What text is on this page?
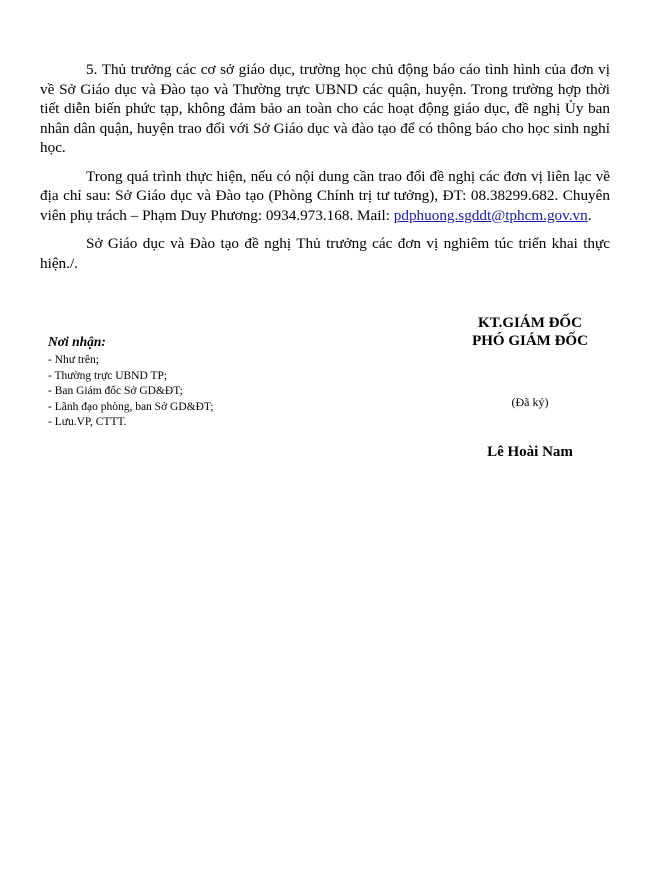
5. Thủ trưởng các cơ sở giáo dục, trường học chủ động báo cáo tình hình của đơn vị về Sở Giáo dục và Đào tạo và Thường trực UBND các quận, huyện. Trong trường hợp thời tiết diễn biến phức tạp, không đảm bảo an toàn cho các hoạt động giáo dục, đề nghị Ủy ban nhân dân quận, huyện trao đổi với Sở Giáo dục và đào tạo để có thông báo cho học sinh nghỉ học.

Trong quá trình thực hiện, nếu có nội dung cần trao đổi đề nghị các đơn vị liên lạc về địa chỉ sau: Sở Giáo dục và Đào tạo (Phòng Chính trị tư tưởng), ĐT: 08.38299.682. Chuyên viên phụ trách – Phạm Duy Phương: 0934.973.168. Mail: pdphuong.sgddt@tphcm.gov.vn.

Sở Giáo dục và Đào tạo đề nghị Thủ trưởng các đơn vị nghiêm túc triển khai thực hiện./.

Nơi nhận:
- Như trên;
- Thường trực UBND TP;
- Ban Giám đốc Sở GD&ĐT;
- Lãnh đạo phòng, ban Sở GD&ĐT;
- Lưu.VP, CTTT.
KT.GIÁM ĐỐC
PHÓ GIÁM ĐỐC
(Đã ký)
Lê Hoài Nam
